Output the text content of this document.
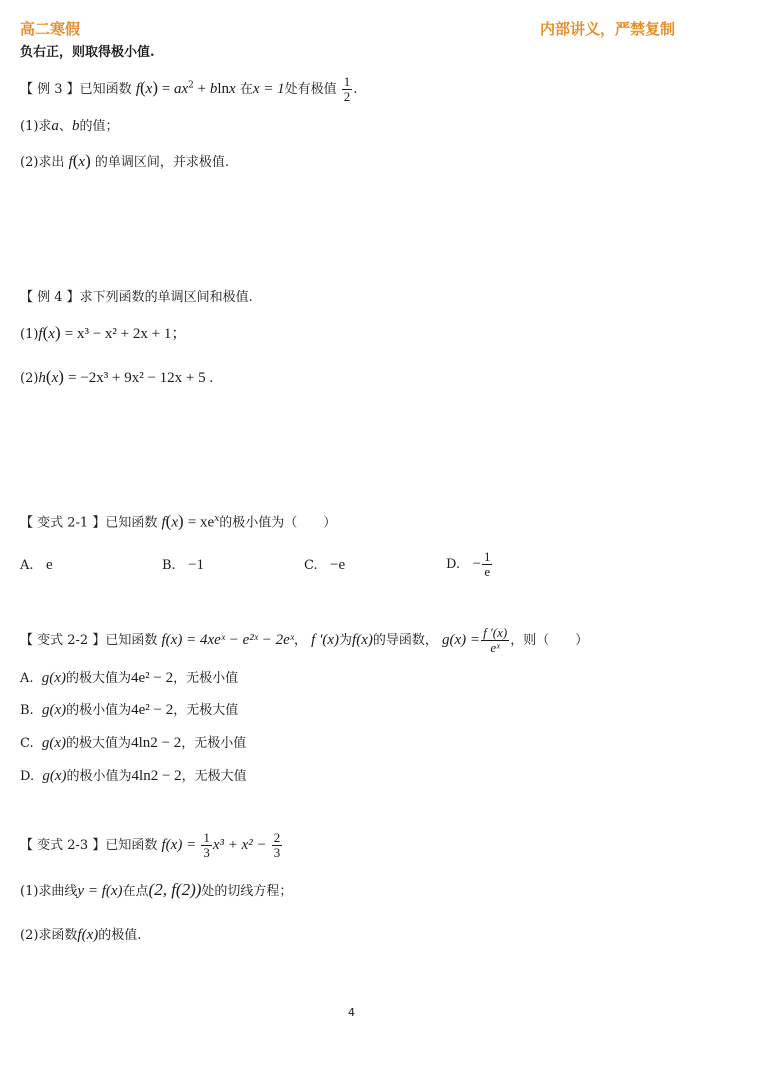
高二寒假	内部讲义，严禁复制
负右正，则取得极小值.
【 例 3 】已知函数 $f(x) = ax^2 + blnx$ 在x = 1处有极值 $\frac{1}{2}$ .
(1)求a、b的值；
(2)求出 f(x) 的单调区间，并求极值.
【 例 4 】求下列函数的单调区间和极值.
(1)f(x) = x³ − x² + 2x + 1；
(2)h(x) = −2x³ + 9x² − 12x + 5 .
【 变式 2-1 】已知函数 $f(x) = xe^x$的极小值为（　　）
A. e	B. −1	C. −e	D. − $\frac{1}{e}$
【 变式 2-2 】已知函数 f(x) = 4xeˣ − e²ˣ − 2eˣ， f ′(x)为f(x)的导函数， $g(x) = \frac{f '(x)}{\text{eˣ}}$ ，则（　　）
A. g(x)的极大值为4e² − 2，无极小值
B. g(x)的极小值为4e² − 2，无极大值
C. g(x)的极大值为4ln2 − 2，无极小值
D. g(x)的极小值为4ln2 − 2，无极大值
【 变式 2-3 】已知函数 $f(x) = \frac{1}{3} x^3 + x^2 - \frac{2}{3}$
(1)求曲线y = f(x)在点(2, f(2))处的切线方程；
(2)求函数f(x)的极值.
4
